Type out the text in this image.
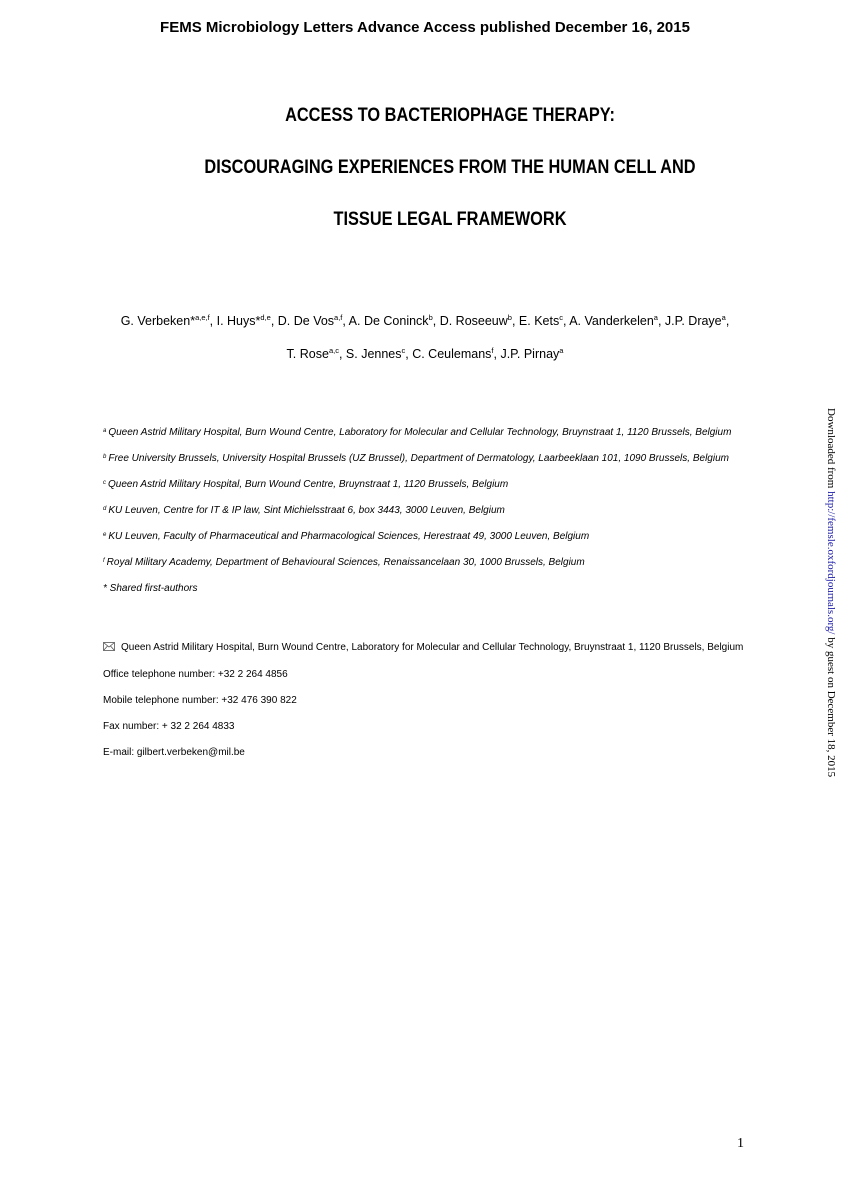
FEMS Microbiology Letters Advance Access published December 16, 2015
ACCESS TO BACTERIOPHAGE THERAPY:
DISCOURAGING EXPERIENCES FROM THE HUMAN CELL AND
TISSUE LEGAL FRAMEWORK
G. Verbeken*$^{a,e,f}$, I. Huys*$^{d,e}$, D. De Vos$^{a,f}$, A. De Coninck$^b$, D. Roseeuw$^b$, E. Kets$^c$, A. Vanderkelen$^a$, J.P. Draye$^a$,
T. Rose$^{a,c}$, S. Jennes$^c$, C. Ceulemans$^f$, J.P. Pirnay$^a$
$^a$ Queen Astrid Military Hospital, Burn Wound Centre, Laboratory for Molecular and Cellular Technology, Bruynstraat 1, 1120 Brussels, Belgium
$^b$ Free University Brussels, University Hospital Brussels (UZ Brussel), Department of Dermatology, Laarbeeklaan 101, 1090 Brussels, Belgium
$^c$ Queen Astrid Military Hospital, Burn Wound Centre, Bruynstraat 1, 1120 Brussels, Belgium
$^d$ KU Leuven, Centre for IT & IP law, Sint Michielsstraat 6, box 3443, 3000 Leuven, Belgium
$^e$ KU Leuven, Faculty of Pharmaceutical and Pharmacological Sciences, Herestraat 49, 3000 Leuven, Belgium
$^f$ Royal Military Academy, Department of Behavioural Sciences, Renaissancelaan 30, 1000 Brussels, Belgium
* Shared first-authors
Queen Astrid Military Hospital, Burn Wound Centre, Laboratory for Molecular and Cellular Technology, Bruynstraat 1, 1120 Brussels, Belgium
Office telephone number: +32 2 264 4856
Mobile telephone number: +32 476 390 822
Fax number: + 32 2 264 4833
E-mail: gilbert.verbeken@mil.be
Downloaded from http://femsle.oxfordjournals.org/ by guest on December 18, 2015
1
